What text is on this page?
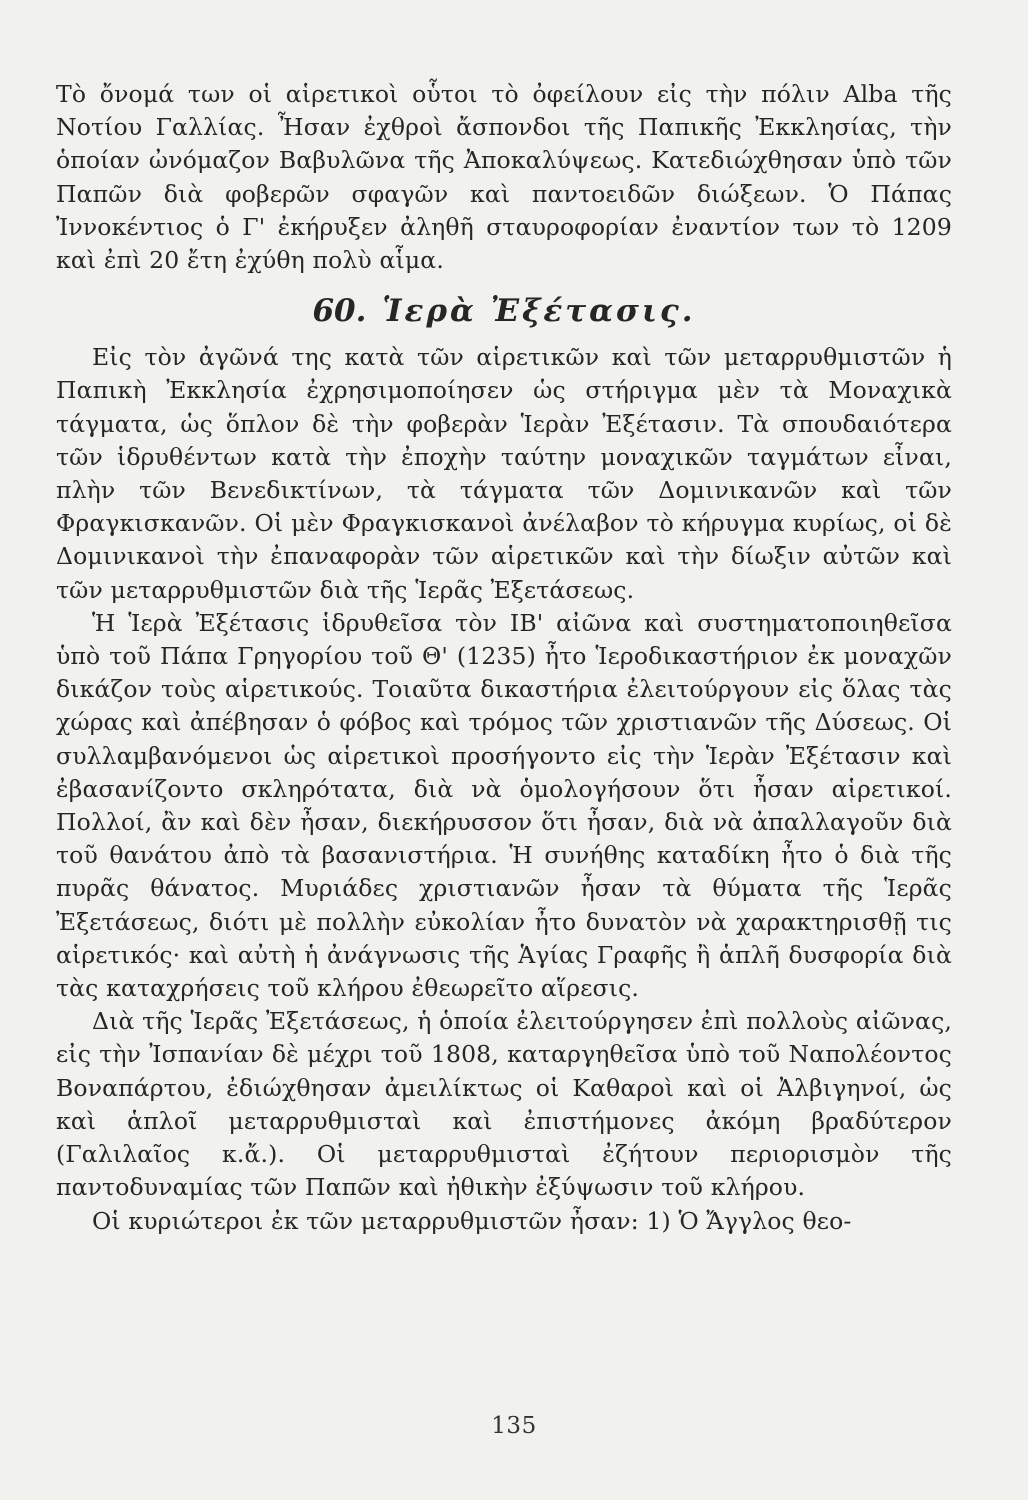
Τὸ ὄνομά των οἱ αἱρετικοὶ οὗτοι τὸ ὀφείλουν εἰς τὴν πόλιν Alba τῆς Νοτίου Γαλλίας. Ἦσαν ἐχθροὶ ἄσπονδοι τῆς Παπικῆς Ἐκκλησίας, τὴν ὁποίαν ὠνόμαζον Βαβυλῶνα τῆς Ἀποκαλύψεως. Κατεδιώχθησαν ὑπὸ τῶν Παπῶν διὰ φοβερῶν σφαγῶν καὶ παντοειδῶν διώξεων. Ὁ Πάπας Ἰννοκέντιος ὁ Γ' ἐκήρυξεν ἀληθῆ σταυροφορίαν ἐναντίον των τὸ 1209 καὶ ἐπὶ 20 ἔτη ἐχύθη πολὺ αἷμα.

60. Ἱερὰ Ἐξέτασις.

Εἰς τὸν ἀγῶνά της κατὰ τῶν αἱρετικῶν καὶ τῶν μεταρρυθμιστῶν ἡ Παπικὴ Ἐκκλησία ἐχρησιμοποίησεν ὡς στήριγμα μὲν τὰ Μοναχικὰ τάγματα, ὡς ὅπλον δὲ τὴν φοβερὰν Ἱερὰν Ἐξέτασιν. Τὰ σπουδαιότερα τῶν ἱδρυθέντων κατὰ τὴν ἐποχὴν ταύτην μοναχικῶν ταγμάτων εἶναι, πλὴν τῶν Βενεδικτίνων, τὰ τάγματα τῶν Δομινικανῶν καὶ τῶν Φραγκισκανῶν. Οἱ μὲν Φραγκισκανοὶ ἀνέλαβον τὸ κήρυγμα κυρίως, οἱ δὲ Δομινικανοὶ τὴν ἐπαναφορὰν τῶν αἱρετικῶν καὶ τὴν δίωξιν αὐτῶν καὶ τῶν μεταρρυθμιστῶν διὰ τῆς Ἱερᾶς Ἐξετάσεως.

Ἡ Ἱερὰ Ἐξέτασις ἱδρυθεῖσα τὸν ΙΒ' αἰῶνα καὶ συστηματοποιηθεῖσα ὑπὸ τοῦ Πάπα Γρηγορίου τοῦ Θ' (1235) ἦτο Ἱεροδικαστήριον ἐκ μοναχῶν δικάζον τοὺς αἱρετικούς. Τοιαῦτα δικαστήρια ἐλειτούργουν εἰς ὅλας τὰς χώρας καὶ ἀπέβησαν ὁ φόβος καὶ τρόμος τῶν χριστιανῶν τῆς Δύσεως. Οἱ συλλαμβανόμενοι ὡς αἱρετικοὶ προσήγοντο εἰς τὴν Ἱερὰν Ἐξέτασιν καὶ ἐβασανίζοντο σκληρότατα, διὰ νὰ ὁμολογήσουν ὅτι ἦσαν αἱρετικοί. Πολλοί, ἂν καὶ δὲν ἦσαν, διεκήρυσσον ὅτι ἦσαν, διὰ νὰ ἀπαλλαγοῦν διὰ τοῦ θανάτου ἀπὸ τὰ βασανιστήρια. Ἡ συνήθης καταδίκη ἦτο ὁ διὰ τῆς πυρᾶς θάνατος. Μυριάδες χριστιανῶν ἦσαν τὰ θύματα τῆς Ἱερᾶς Ἐξετάσεως, διότι μὲ πολλὴν εὐκολίαν ἦτο δυνατὸν νὰ χαρακτηρισθῇ τις αἱρετικός· καὶ αὐτὴ ἡ ἀνάγνωσις τῆς Ἁγίας Γραφῆς ἢ ἁπλῆ δυσφορία διὰ τὰς καταχρήσεις τοῦ κλήρου ἐθεωρεῖτο αἵρεσις.

Διὰ τῆς Ἱερᾶς Ἐξετάσεως, ἡ ὁποία ἐλειτούργησεν ἐπὶ πολλοὺς αἰῶνας, εἰς τὴν Ἰσπανίαν δὲ μέχρι τοῦ 1808, καταργηθεῖσα ὑπὸ τοῦ Ναπολέοντος Βοναπάρτου, ἐδιώχθησαν ἀμειλίκτως οἱ Καθαροὶ καὶ οἱ Ἀλβιγηνοί, ὡς καὶ ἁπλοῖ μεταρρυθμισταὶ καὶ ἐπιστήμονες ἀκόμη βραδύτερον (Γαλιλαῖος κ.ἄ.). Οἱ μεταρρυθμισταὶ ἐζήτουν περιορισμὸν τῆς παντοδυναμίας τῶν Παπῶν καὶ ἠθικὴν ἐξύψωσιν τοῦ κλήρου.

Οἱ κυριώτεροι ἐκ τῶν μεταρρυθμιστῶν ἦσαν: 1) Ὁ Ἄγγλος θεο-

135
